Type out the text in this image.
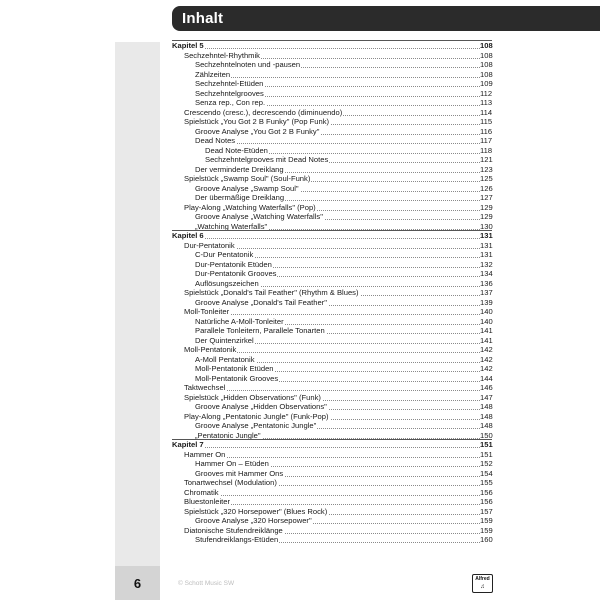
Inhalt
6
Kapitel 5	108
Sechzehntel-Rhythmik	108
Sechzehntelnoten und -pausen	108
Zählzeiten	108
Sechzehntel-Etüden	109
Sechzehntelgrooves	112
Senza rep., Con rep.	113
Crescendo (cresc.), decrescendo (diminuendo)	114
Spielstück „You Got 2 B Funky" (Pop Funk)	115
Groove Analyse „You Got 2 B Funky"	116
Dead Notes	117
Dead Note-Etüden	118
Sechzehntelgrooves mit Dead Notes	121
Der verminderte Dreiklang	123
Spielstück „Swamp Soul" (Soul-Funk)	125
Groove Analyse „Swamp Soul"	126
Der übermäßige Dreiklang	127
Play-Along „Watching Waterfalls" (Pop)	129
Groove Analyse „Watching Waterfalls"	129
„Watching Waterfalls"	130
Kapitel 6	131
Dur-Pentatonik	131
C-Dur Pentatonik	131
Dur-Pentatonik Etüden	132
Dur-Pentatonik Grooves	134
Auflösungszeichen	136
Spielstück „Donald's Tail Feather" (Rhythm & Blues)	137
Groove Analyse „Donald's Tail Feather"	139
Moll-Tonleiter	140
Natürliche A-Moll-Tonleiter	140
Parallele Tonleitern, Parallele Tonarten	141
Der Quintenzirkel	141
Moll-Pentatonik	142
A-Moll Pentatonik	142
Moll-Pentatonik Etüden	142
Moll-Pentatonik Grooves	144
Taktwechsel	146
Spielstück „Hidden Observations" (Funk)	147
Groove Analyse „Hidden Observations"	148
Play-Along „Pentatonic Jungle" (Funk-Pop)	148
Groove Analyse „Pentatonic Jungle"	148
„Pentatonic Jungle"	150
Kapitel 7	151
Hammer On	151
Hammer On – Etüden	152
Grooves mit Hammer Ons	154
Tonartwechsel (Modulation)	155
Chromatik	156
Bluestonleiter	156
Spielstück „320 Horsepower" (Blues Rock)	157
Groove Analyse „320 Horsepower"	159
Diatonische Stufendreiklänge	159
Stufendreiklangs-Etüden	160
© Schott Music SW
Alfred
♫
